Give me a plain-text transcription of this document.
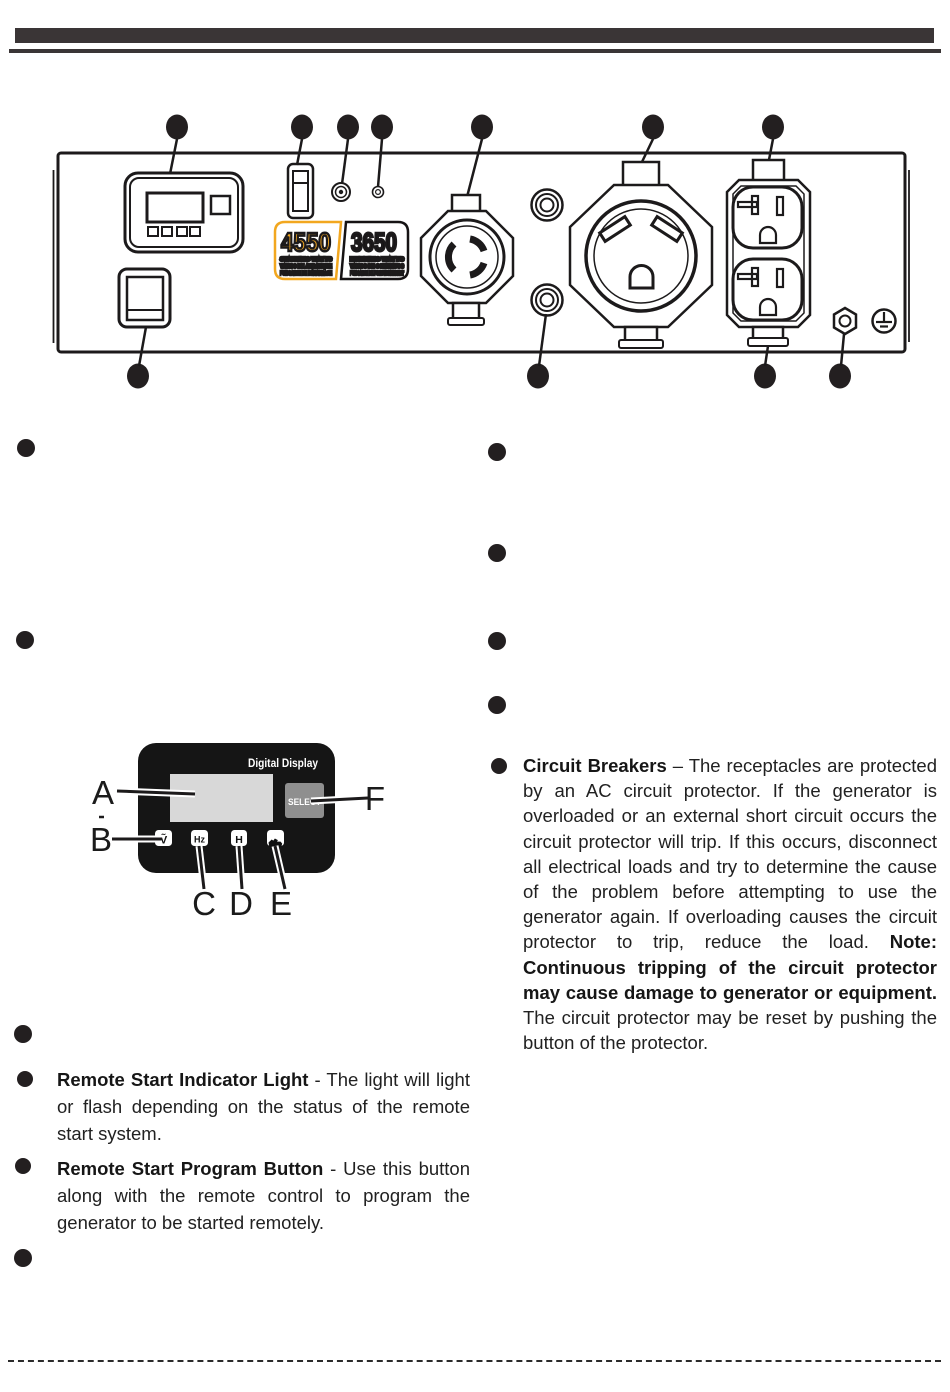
4550
STARTING WATTS
VATIOS DE ARRANQUE
PUISSANCE DE DÉMARRAGE
3650
RUNNING WATTS
VATIOS DE CONTINUOS
PUISSANCE DE FONCTIONNEMENT
Digital Display
SELECT
Ṽ	Hz	H
A
B
C D E
F
Circuit Breakers – The receptacles are protected by an AC circuit protector. If the generator is overloaded or an external short circuit occurs the circuit protector will trip. If this occurs, disconnect all electrical loads and try to determine the cause of the problem before attempting to use the generator again. If overloading causes the circuit protector to trip, reduce the load. Note: Continuous tripping of the circuit protector may cause damage to generator or equipment. The circuit protector may be reset by pushing the button of the protector.
Remote Start Indicator Light - The light will light or flash depending on the status of the remote start system.
Remote Start Program Button - Use this button along with the remote control to program the generator to be started remotely.
